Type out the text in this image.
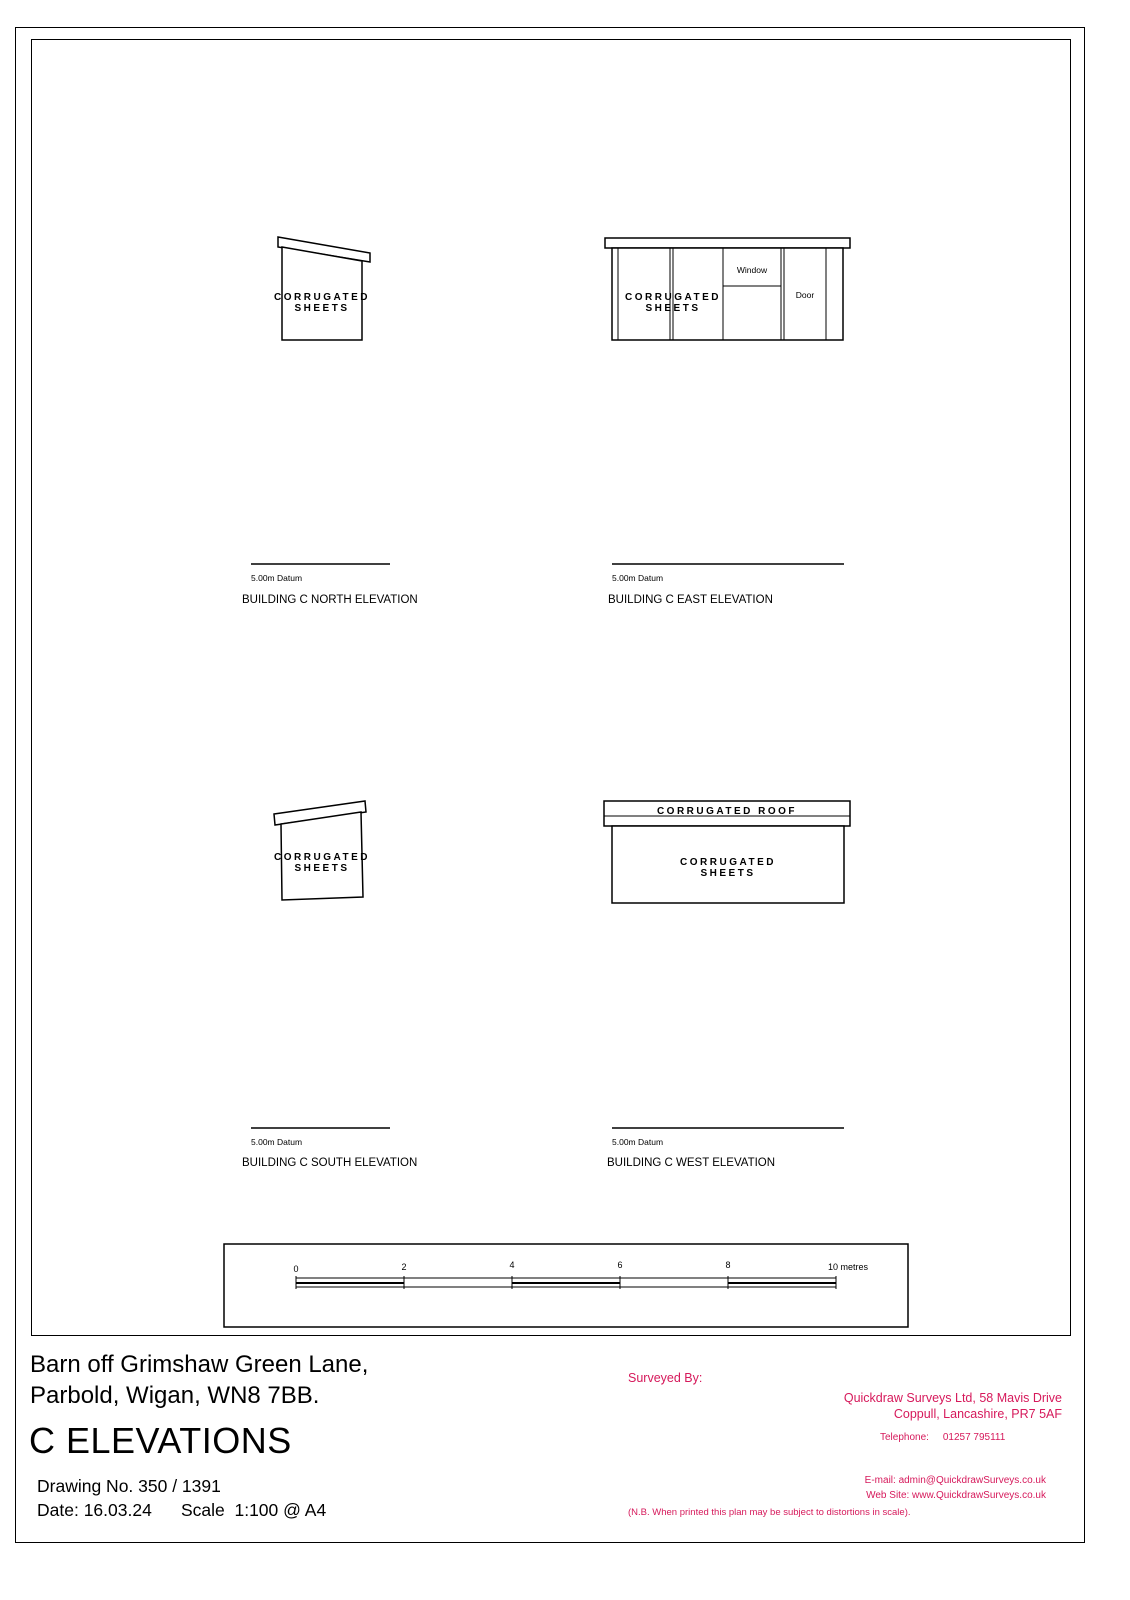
CORRUGATED
SHEETS
5.00m Datum
BUILDING C NORTH ELEVATION
Window
Door
CORRUGATED
SHEETS
5.00m Datum
BUILDING C EAST ELEVATION
CORRUGATED
SHEETS
5.00m Datum
BUILDING C SOUTH ELEVATION
CORRUGATED ROOF
CORRUGATED
SHEETS
5.00m Datum
BUILDING C WEST ELEVATION
0	2	4	6	8	10 metres
Barn off Grimshaw Green Lane,
Parbold, Wigan, WN8 7BB.
C ELEVATIONS
Drawing No. 350 / 1391
Date: 16.03.24      Scale  1:100 @ A4
Surveyed By:
Quickdraw Surveys Ltd, 58 Mavis Drive
Coppull, Lancashire, PR7 5AF
Telephone:     01257 795111
E-mail: admin@QuickdrawSurveys.co.uk
Web Site: www.QuickdrawSurveys.co.uk
(N.B. When printed this plan may be subject to distortions in scale).
